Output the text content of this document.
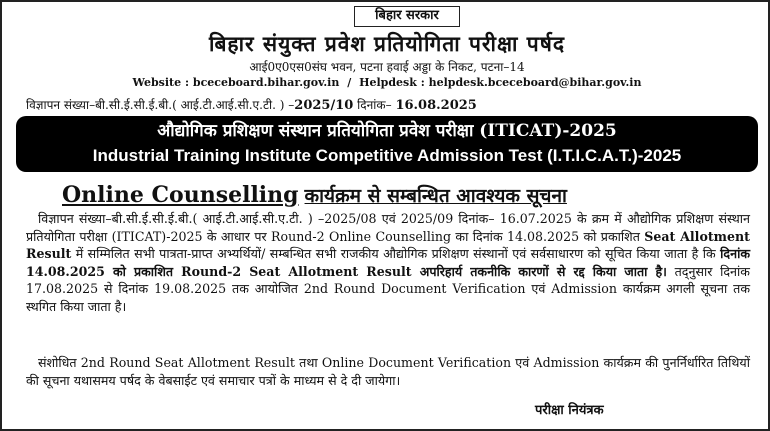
बिहार सरकार
बिहार संयुक्त प्रवेश प्रतियोगिता परीक्षा पर्षद
आई0ए0एस0संघ भवन, पटना हवाई अड्डा के निकट, पटना–14
Website : bceceboard.bihar.gov.in / Helpdesk : helpdesk.bceceboard@bihar.gov.in
विज्ञापन संख्या–बी.सी.ई.सी.ई.बी.( आई.टी.आई.सी.ए.टी. ) –2025/10 दिनांक– 16.08.2025
औद्योगिक प्रशिक्षण संस्थान प्रतियोगिता प्रवेश परीक्षा (ITICAT)-2025
Industrial Training Institute Competitive Admission Test (I.T.I.C.A.T.)-2025
Online Counselling कार्यक्रम से सम्बन्धित आवश्यक सूचना
विज्ञापन संख्या–बी.सी.ई.सी.ई.बी.( आई.टी.आई.सी.ए.टी. ) –2025/08 एवं 2025/09 दिनांक– 16.07.2025 के क्रम में औद्योगिक प्रशिक्षण संस्थान प्रतियोगिता परीक्षा (ITICAT)-2025 के आधार पर Round-2 Online Counselling का दिनांक 14.08.2025 को प्रकाशित Seat Allotment Result में सम्मिलित सभी पात्रता-प्राप्त अभ्यर्थियों/ सम्बन्धित सभी राजकीय औद्योगिक प्रशिक्षण संस्थानों एवं सर्वसाधारण को सूचित किया जाता है कि दिनांक 14.08.2025 को प्रकाशित Round-2 Seat Allotment Result अपरिहार्य तकनीकि कारणों से रद्द किया जाता है। तद्नुसार दिनांक 17.08.2025 से दिनांक 19.08.2025 तक आयोजित 2nd Round Document Verification एवं Admission कार्यक्रम अगली सूचना तक स्थगित किया जाता है।
संशोधित 2nd Round Seat Allotment Result तथा Online Document Verification एवं Admission कार्यक्रम की पुनर्निर्धारित तिथियों की सूचना यथासमय पर्षद के वेबसाईट एवं समाचार पत्रों के माध्यम से दे दी जायेगा।
परीक्षा नियंत्रक
